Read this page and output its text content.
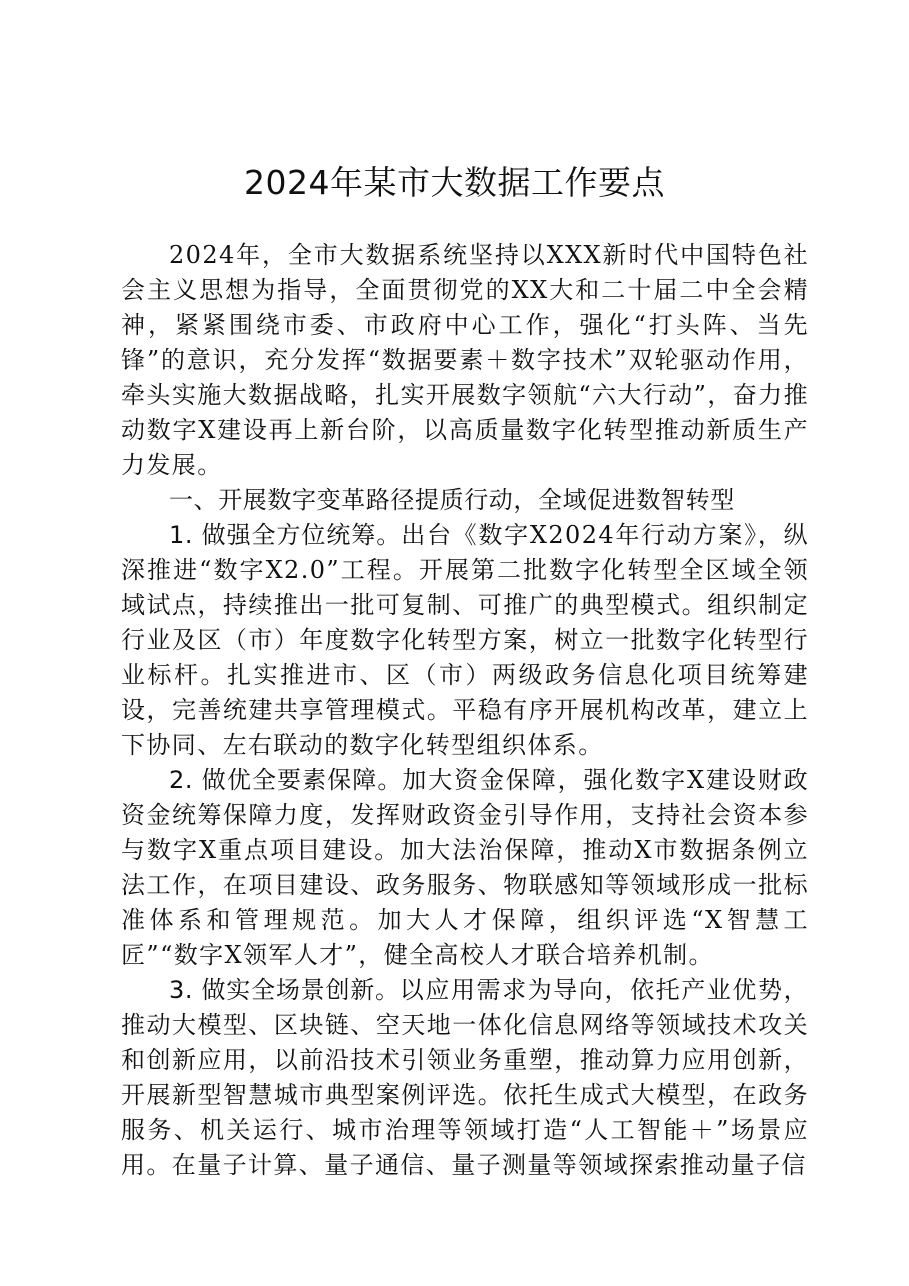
2024年某市大数据工作要点

2024年，全市大数据系统坚持以XXX新时代中国特色社会主义思想为指导，全面贯彻党的XX大和二十届二中全会精神，紧紧围绕市委、市政府中心工作，强化“打头阵、当先锋”的意识，充分发挥“数据要素＋数字技术”双轮驱动作用，牵头实施大数据战略，扎实开展数字领航“六大行动”，奋力推动数字X建设再上新台阶，以高质量数字化转型推动新质生产力发展。

一、开展数字变革路径提质行动，全域促进数智转型

1. 做强全方位统筹。出台《数字X2024年行动方案》，纵深推进“数字X2.0”工程。开展第二批数字化转型全区域全领域试点，持续推出一批可复制、可推广的典型模式。组织制定行业及区（市）年度数字化转型方案，树立一批数字化转型行业标杆。扎实推进市、区（市）两级政务信息化项目统筹建设，完善统建共享管理模式。平稳有序开展机构改革，建立上下协同、左右联动的数字化转型组织体系。

2. 做优全要素保障。加大资金保障，强化数字X建设财政资金统筹保障力度，发挥财政资金引导作用，支持社会资本参与数字X重点项目建设。加大法治保障，推动X市数据条例立法工作，在项目建设、政务服务、物联感知等领域形成一批标准体系和管理规范。加大人才保障，组织评选“X智慧工匠”“数字X领军人才”，健全高校人才联合培养机制。

3. 做实全场景创新。以应用需求为导向，依托产业优势，推动大模型、区块链、空天地一体化信息网络等领域技术攻关和创新应用，以前沿技术引领业务重塑，推动算力应用创新，开展新型智慧城市典型案例评选。依托生成式大模型，在政务服务、机关运行、城市治理等领域打造“人工智能＋”场景应用。在量子计算、量子通信、量子测量等领域探索推动量子信
